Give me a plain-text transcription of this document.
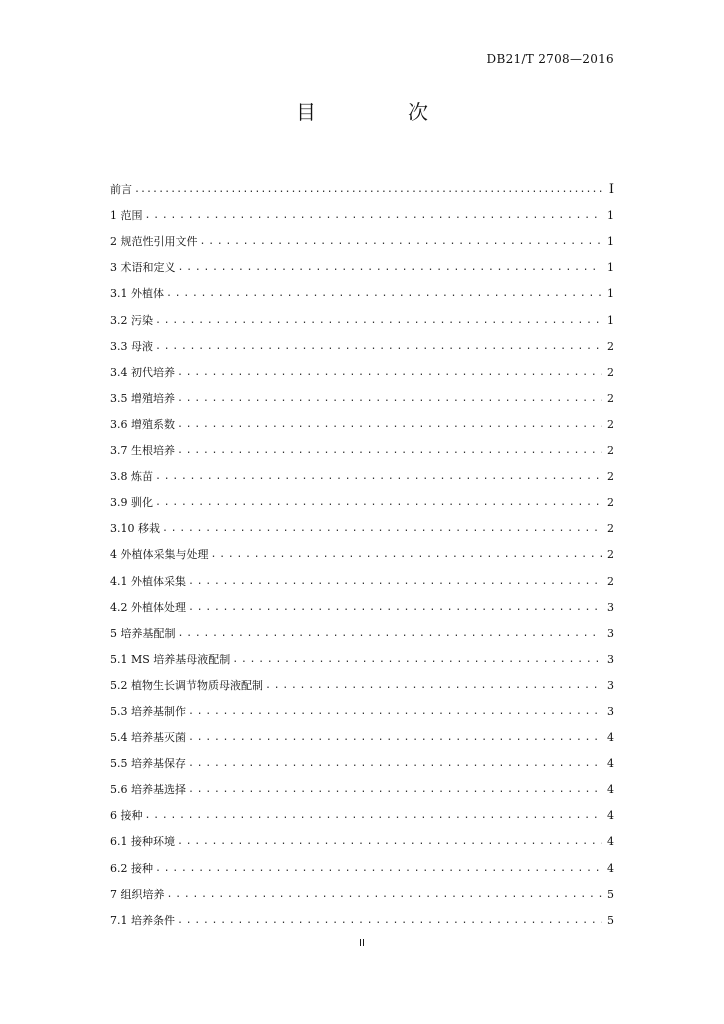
DB21/T 2708—2016
目　次
前言 .....	I
1 范围 .....	1
2 规范性引用文件 .....	1
3 术语和定义 .....	1
3.1 外植体 .....	1
3.2 污染 .....	1
3.3 母液 .....	2
3.4 初代培养 .....	2
3.5 增殖培养 .....	2
3.6 增殖系数 .....	2
3.7 生根培养 .....	2
3.8 炼苗 .....	2
3.9 驯化 .....	2
3.10 移栽 .....	2
4 外植体采集与处理 .....	2
4.1 外植体采集 .....	2
4.2 外植体处理 .....	3
5 培养基配制 .....	3
5.1 MS 培养基母液配制 .....	3
5.2 植物生长调节物质母液配制 .....	3
5.3 培养基制作 .....	3
5.4 培养基灭菌 .....	4
5.5 培养基保存 .....	4
5.6 培养基选择 .....	4
6 接种 .....	4
6.1 接种环境 .....	4
6.2 接种 .....	4
7 组织培养 .....	5
7.1 培养条件 .....	5
II
